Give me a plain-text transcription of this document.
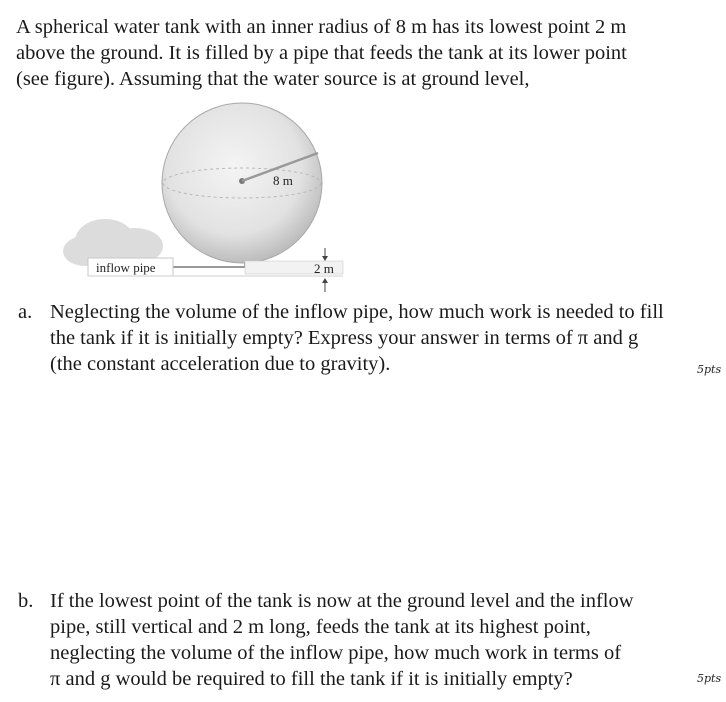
A spherical water tank with an inner radius of 8 m has its lowest point 2 m
above the ground. It is filled by a pipe that feeds the tank at its lower point
(see figure). Assuming that the water source is at ground level,
8 m
inflow pipe	2 m
a. Neglecting the volume of the inflow pipe, how much work is needed to fill
the tank if it is initially empty? Express your answer in terms of π and g
(the constant acceleration due to gravity).	5pts
b. If the lowest point of the tank is now at the ground level and the inflow
pipe, still vertical and 2 m long, feeds the tank at its highest point,
neglecting the volume of the inflow pipe, how much work in terms of
π and g would be required to fill the tank if it is initially empty?	5pts
